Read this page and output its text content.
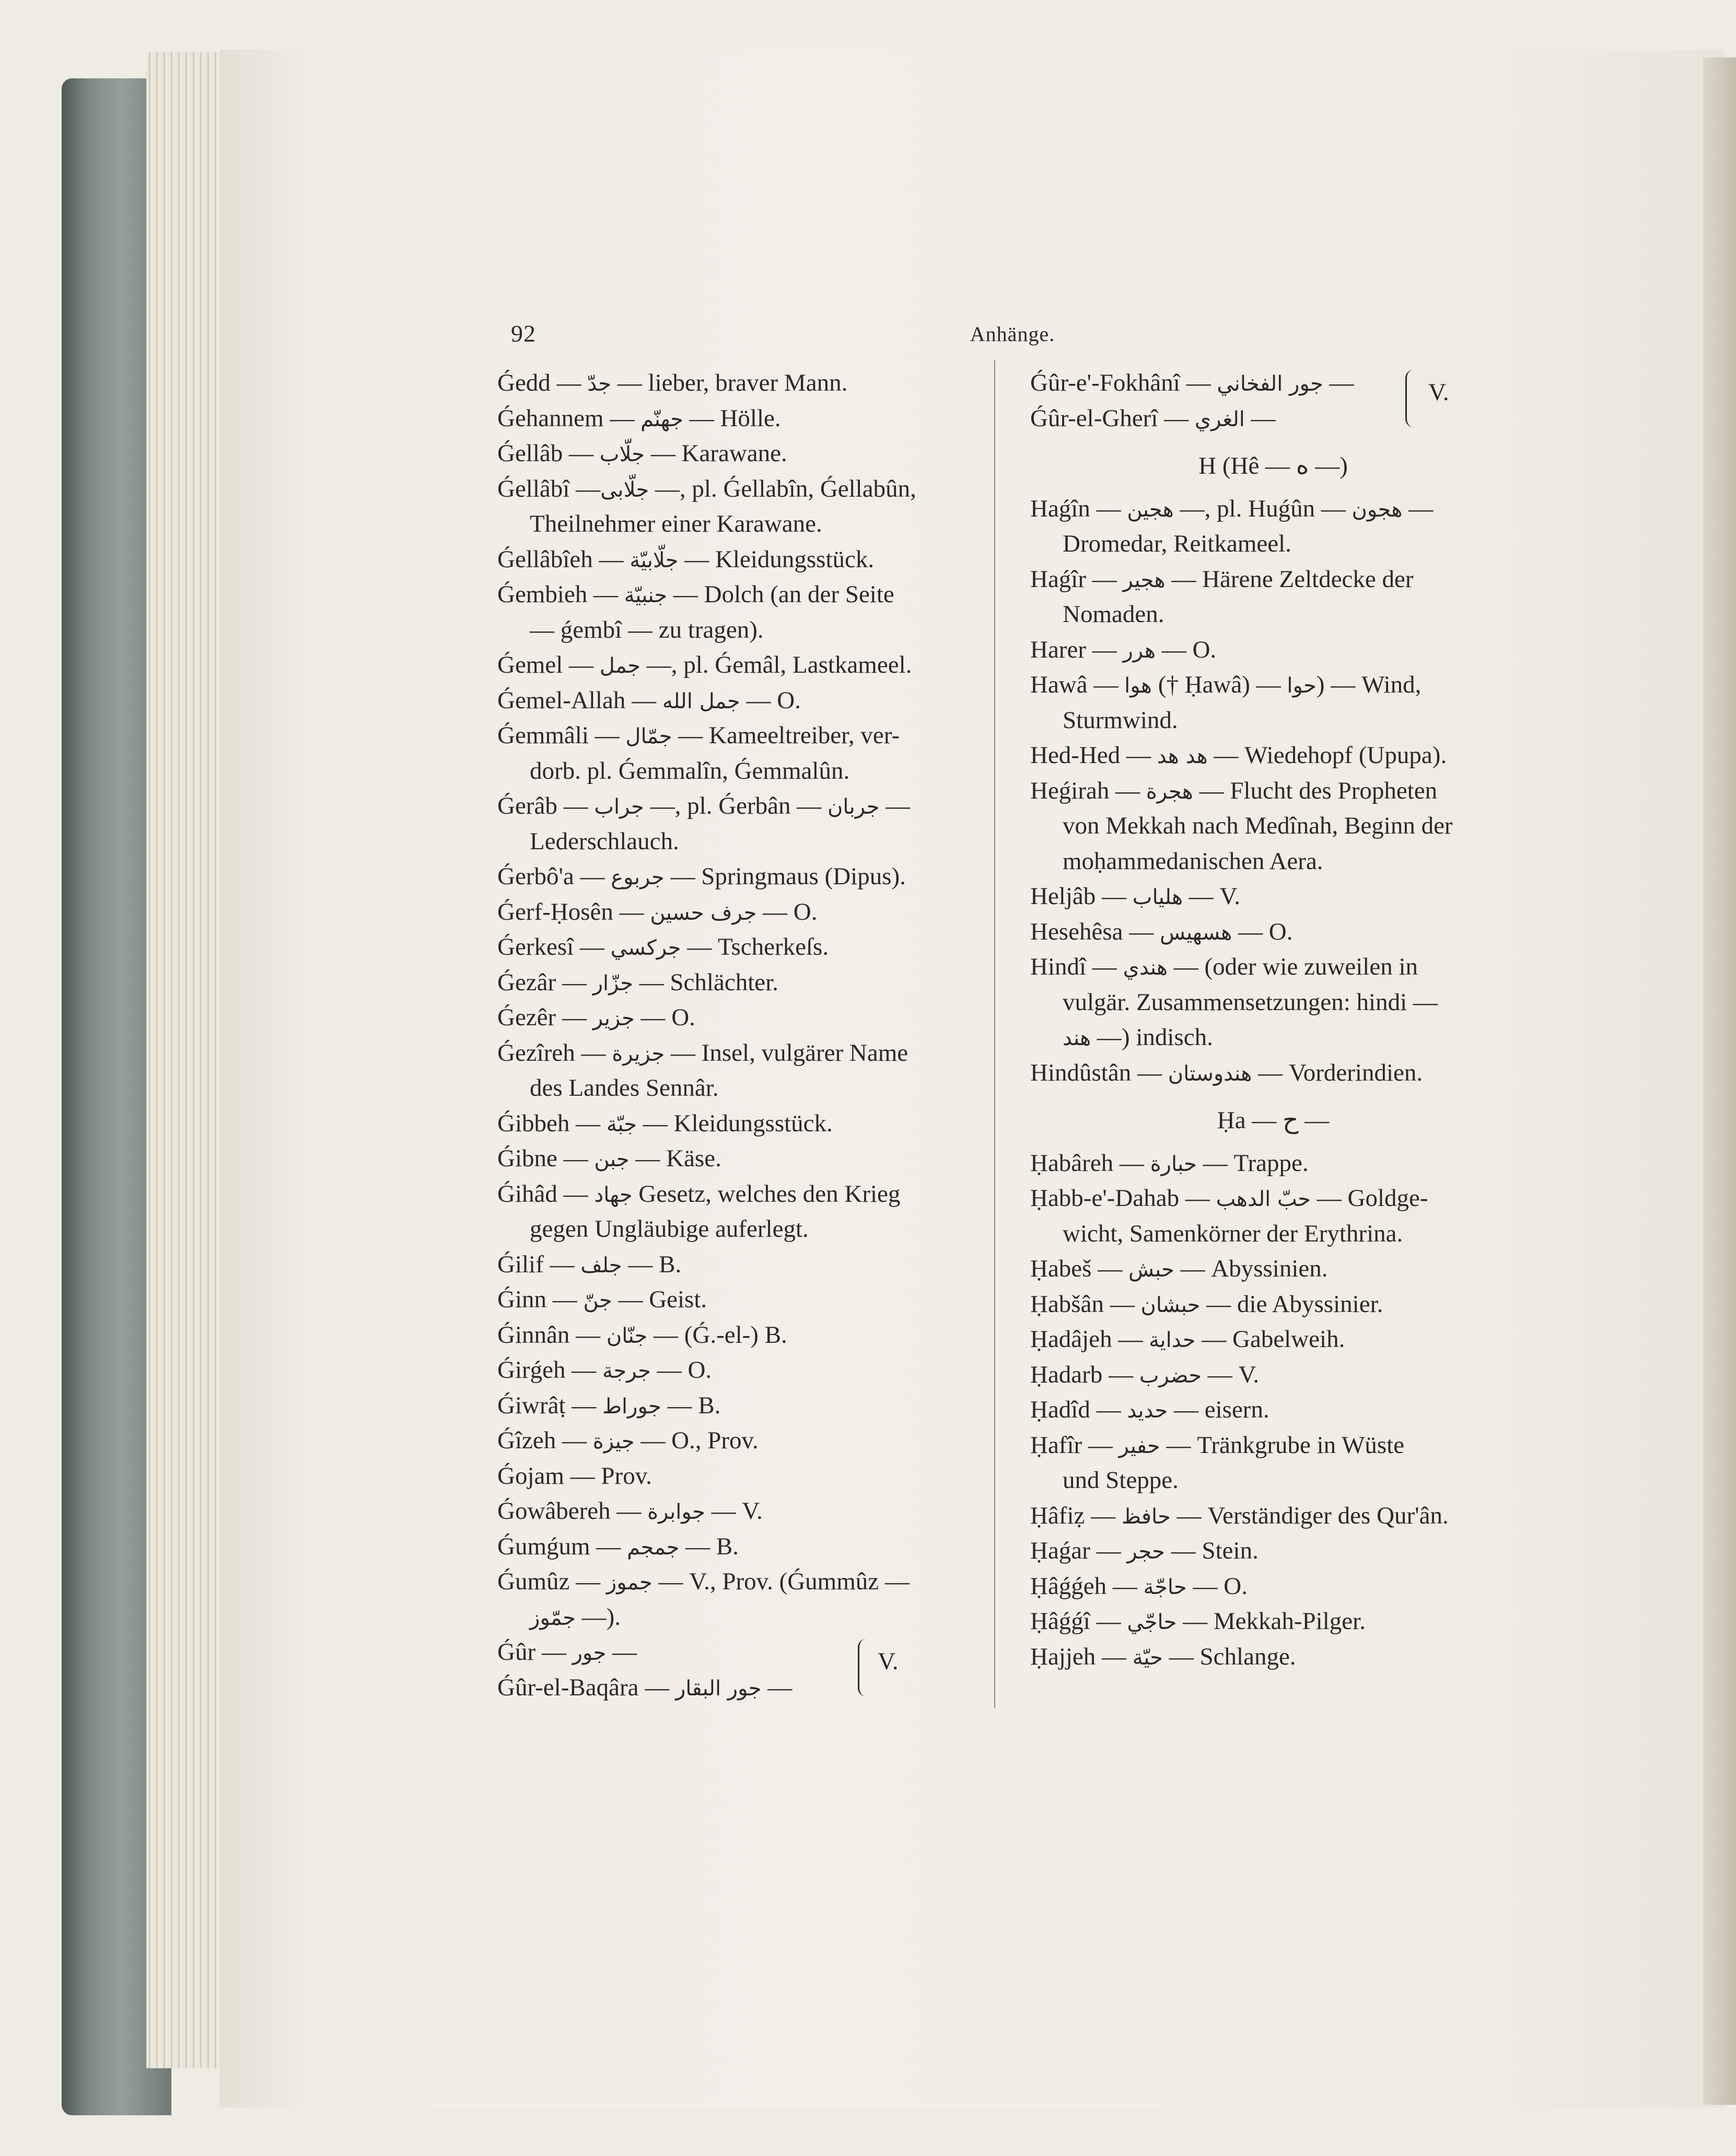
92	Anhänge.
Ǵedd — جدّ — lieber, braver Mann.
Ǵehannem — جهنّم — Hölle.
Ǵellâb — جلّاب — Karawane.
Ǵellâbî —جلّابی —, pl. Ǵellabîn, Ǵellabûn,
Theilnehmer einer Karawane.
Ǵellâbîeh — جلّابيّة — Kleidungsstück.
Ǵembieh — جنبيّة — Dolch (an der Seite
— ǵembî — zu tragen).
Ǵemel — جمل —, pl. Ǵemâl, Lastkameel.
Ǵemel-Allah — جمل الله — O.
Ǵemmâli — جمّال — Kameeltreiber, ver-
dorb. pl. Ǵemmalîn, Ǵemmalûn.
Ǵerâb — جراب —, pl. Ǵerbân — جربان —
Lederschlauch.
Ǵerbô'a — جربوع — Springmaus (Dipus).
Ǵerf-Ḥosên — جرف حسين — O.
Ǵerkesî — جركسي — Tscherkeſs.
Ǵezâr — جزّار — Schlächter.
Ǵezêr — جزير — O.
Ǵezîreh — جزيرة — Insel, vulgärer Name
des Landes Sennâr.
Ǵibbeh — جبّة — Kleidungsstück.
Ǵibne — جبن — Käse.
Ǵihâd — جهاد Gesetz, welches den Krieg
gegen Ungläubige auferlegt.
Ǵilif — جلف — B.
Ǵinn — جنّ — Geist.
Ǵinnân — جنّان — (Ǵ.-el-) B.
Ǵirǵeh — جرجة — O.
Ǵiwrâṭ — جوراط — B.
Ǵîzeh — جيزة — O., Prov.
Ǵojam — Prov.
Ǵowâbereh — جوابرة — V.
Ǵumǵum — جمجم — B.
Ǵumûz — جموز — V., Prov. (Ǵummûz —
جمّوز —).
Ǵûr — جور —
Ǵûr-el-Baqâra — جور البقار —
V.
Ǵûr-e'-Fokhânî — جور الفخاني —
Ǵûr-el-Gherî — الغري —
V.
H (Hê — ه —)
Haǵîn — هجين —, pl. Huǵûn — هجون —
Dromedar, Reitkameel.
Haǵîr — هجير — Härene Zeltdecke der
Nomaden.
Harer — هرر — O.
Hawâ — هوا († Ḥawâ) — حوا) — Wind,
Sturmwind.
Hed-Hed — هد هد — Wiedehopf (Upupa).
Heǵirah — هجرة — Flucht des Propheten
von Mekkah nach Medînah, Beginn der
moḥammedanischen Aera.
Heljâb — هلياب — V.
Hesehêsa — هسهيس — O.
Hindî — هندي — (oder wie zuweilen in
vulgär. Zusammensetzungen: hindi —
هند —) indisch.
Hindûstân — هندوستان — Vorderindien.
Ḥa — ح —
Ḥabâreh — حبارة — Trappe.
Ḥabb-e'-Dahab — حبّ الدهب — Goldge-
wicht, Samenkörner der Erythrina.
Ḥabeš — حبش — Abyssinien.
Ḥabšân — حبشان — die Abyssinier.
Ḥadâjeh — حداية — Gabelweih.
Ḥadarb — حضرب — V.
Ḥadîd — حديد — eisern.
Ḥafîr — حفير — Tränkgrube in Wüste
und Steppe.
Ḥâfiẓ — حافظ — Verständiger des Qur'ân.
Ḥaǵar — حجر — Stein.
Ḥâǵǵeh — حاجّة — O.
Ḥâǵǵî — حاجّي — Mekkah-Pilger.
Ḥajjeh — حيّة — Schlange.
